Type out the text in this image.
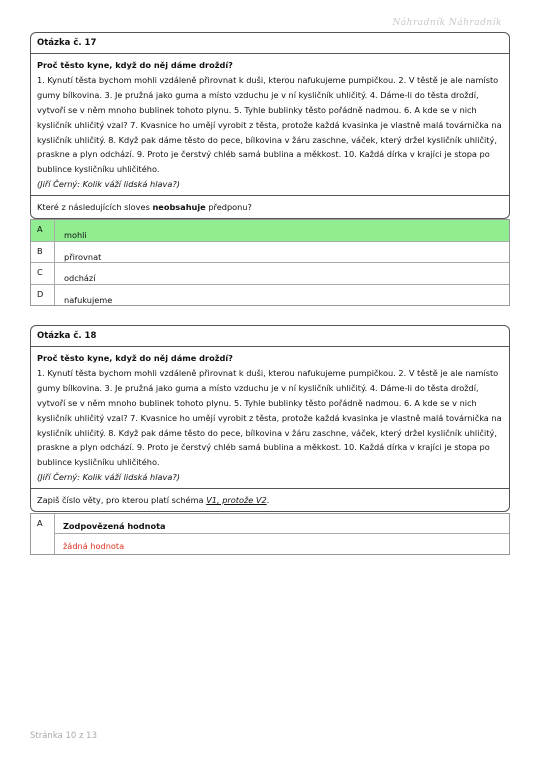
Náhradník Náhradník
Otázka č. 17
Proč těsto kyne, když do něj dáme droždí?
1. Kynutí těsta bychom mohli vzdáleně přirovnat k duši, kterou nafukujeme pumpičkou. 2. V těstě je ale namísto
gumy bílkovina. 3. Je pružná jako guma a místo vzduchu je v ní kysličník uhličitý. 4. Dáme-li do těsta droždí,
vytvoří se v něm mnoho bublinek tohoto plynu. 5. Tyhle bublinky těsto pořádně nadmou. 6. A kde se v nich
kysličník uhličitý vzal? 7. Kvasnice ho umějí vyrobit z těsta, protože každá kvasinka je vlastně malá továrnička na
kysličník uhličitý. 8. Když pak dáme těsto do pece, bílkovina v žáru zaschne, váček, který držel kysličník uhličitý,
praskne a plyn odchází. 9. Proto je čerstvý chléb samá bublina a měkkost. 10. Každá dírka v krajíci je stopa po
bublince kysličníku uhličitého.
(Jiří Černý: Kolik váží lidská hlava?)
Které z následujících sloves neobsahuje předponu?
A
mohli
B
přirovnat
C
odchází
D
nafukujeme
Otázka č. 18
Proč těsto kyne, když do něj dáme droždí?
1. Kynutí těsta bychom mohli vzdáleně přirovnat k duši, kterou nafukujeme pumpičkou. 2. V těstě je ale namísto
gumy bílkovina. 3. Je pružná jako guma a místo vzduchu je v ní kysličník uhličitý. 4. Dáme-li do těsta droždí,
vytvoří se v něm mnoho bublinek tohoto plynu. 5. Tyhle bublinky těsto pořádně nadmou. 6. A kde se v nich
kysličník uhličitý vzal? 7. Kvasnice ho umějí vyrobit z těsta, protože každá kvasinka je vlastně malá továrnička na
kysličník uhličitý. 8. Když pak dáme těsto do pece, bílkovina v žáru zaschne, váček, který držel kysličník uhličitý,
praskne a plyn odchází. 9. Proto je čerstvý chléb samá bublina a měkkost. 10. Každá dírka v krajíci je stopa po
bublince kysličníku uhličitého.
(Jiří Černý: Kolik váží lidská hlava?)
Zapiš číslo věty, pro kterou platí schéma V1, protože V2.
A	Zodpovězená hodnota
žádná hodnota
Stránka 10 z 13
